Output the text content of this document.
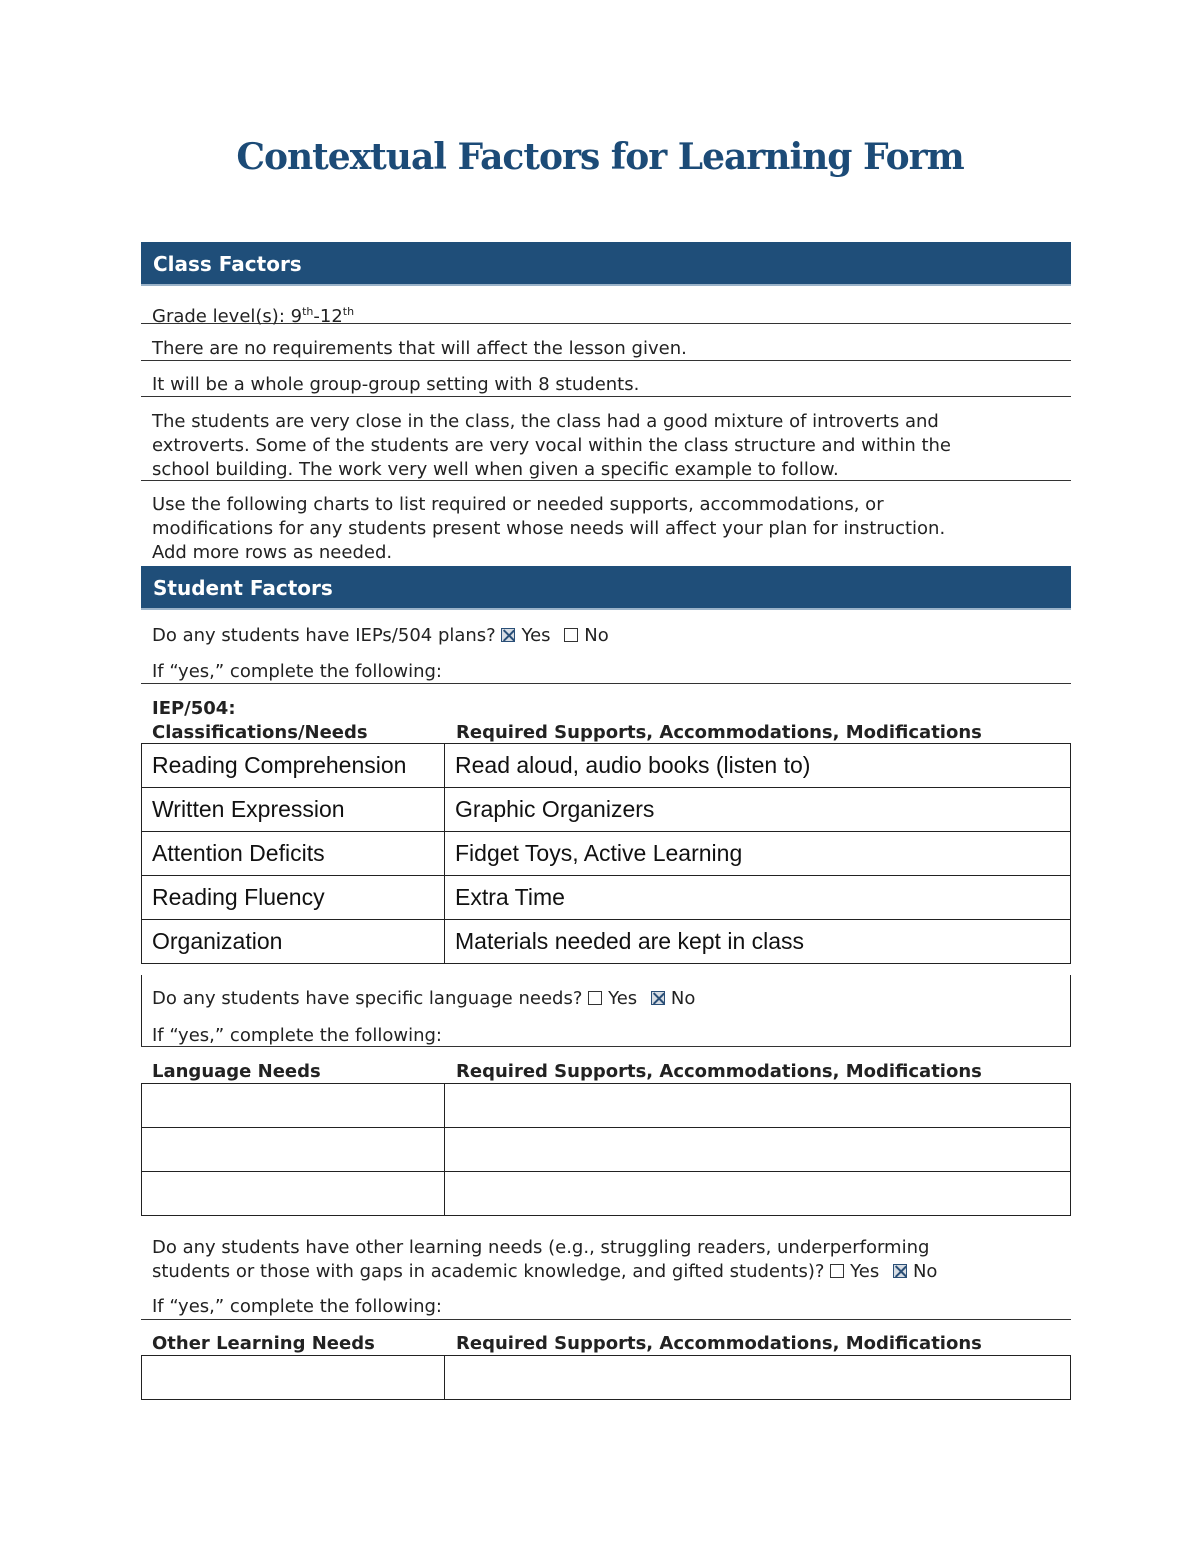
Contextual Factors for Learning Form
Class Factors
Grade level(s): 9th-12th
There are no requirements that will affect the lesson given.
It will be a whole group-group setting with 8 students.
The students are very close in the class, the class had a good mixture of introverts and
extroverts. Some of the students are very vocal within the class structure and within the
school building. The work very well when given a specific example to follow.
Use the following charts to list required or needed supports, accommodations, or
modifications for any students present whose needs will affect your plan for instruction.
Add more rows as needed.
Student Factors
Do any students have IEPs/504 plans? Yes No
If “yes,” complete the following:
IEP/504:
Classifications/Needs	Required Supports, Accommodations, Modifications
Reading Comprehension	Read aloud, audio books (listen to)
Written Expression	Graphic Organizers
Attention Deficits	Fidget Toys, Active Learning
Reading Fluency	Extra Time
Organization	Materials needed are kept in class
Do any students have specific language needs? Yes No
If “yes,” complete the following:
Language Needs	Required Supports, Accommodations, Modifications

Do any students have other learning needs (e.g., struggling readers, underperforming
students or those with gaps in academic knowledge, and gifted students)? Yes No
If “yes,” complete the following:
Other Learning Needs	Required Supports, Accommodations, Modifications
